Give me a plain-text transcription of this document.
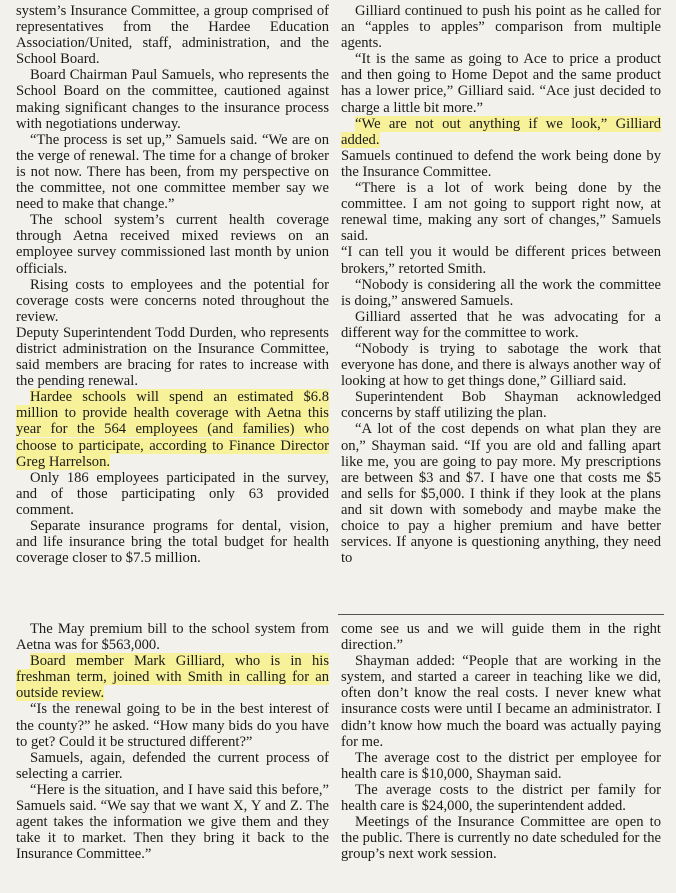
system’s Insurance Committee, a group comprised of representatives from the Hardee Education Association/United, staff, administration, and the School Board.

Board Chairman Paul Samuels, who represents the School Board on the committee, cautioned against making significant changes to the insurance process with negotiations underway.

“The process is set up,” Samuels said. “We are on the verge of renewal. The time for a change of broker is not now. There has been, from my perspective on the committee, not one committee member say we need to make that change.”

The school system’s current health coverage through Aetna received mixed reviews on an employee survey commissioned last month by union officials.

Rising costs to employees and the potential for coverage costs were concerns noted throughout the review.

Deputy Superintendent Todd Durden, who represents district administration on the Insurance Committee, said members are bracing for rates to increase with the pending renewal.

Hardee schools will spend an estimated $6.8 million to provide health coverage with Aetna this year for the 564 employees (and families) who choose to participate, according to Finance Director Greg Harrelson.

Only 186 employees participated in the survey, and of those participating only 63 provided comment.

Separate insurance programs for dental, vision, and life insurance bring the total budget for health coverage closer to $7.5 million.

Gilliard continued to push his point as he called for an “apples to apples” comparison from multiple agents.

“It is the same as going to Ace to price a product and then going to Home Depot and the same product has a lower price,” Gilliard said. “Ace just decided to charge a little bit more.”

“We are not out anything if we look,” Gilliard added.

Samuels continued to defend the work being done by the Insurance Committee.

“There is a lot of work being done by the committee. I am not going to support right now, at renewal time, making any sort of changes,” Samuels said.

“I can tell you it would be different prices between brokers,” retorted Smith.

“Nobody is considering all the work the committee is doing,” answered Samuels.

Gilliard asserted that he was advocating for a different way for the committee to work.

“Nobody is trying to sabotage the work that everyone has done, and there is always another way of looking at how to get things done,” Gilliard said.

Superintendent Bob Shayman acknowledged concerns by staff utilizing the plan.

“A lot of the cost depends on what plan they are on,” Shayman said. “If you are old and falling apart like me, you are going to pay more. My prescriptions are between $3 and $7. I have one that costs me $5 and sells for $5,000. I think if they look at the plans and sit down with somebody and maybe make the choice to pay a higher premium and have better services. If anyone is questioning anything, they need to

The May premium bill to the school system from Aetna was for $563,000.

Board member Mark Gilliard, who is in his freshman term, joined with Smith in calling for an outside review.

“Is the renewal going to be in the best interest of the county?” he asked. “How many bids do you have to get? Could it be structured different?”

Samuels, again, defended the current process of selecting a carrier.

“Here is the situation, and I have said this before,” Samuels said. “We say that we want X, Y and Z. The agent takes the information we give them and they take it to market. Then they bring it back to the Insurance Committee.”

come see us and we will guide them in the right direction.”

Shayman added: “People that are working in the system, and started a career in teaching like we did, often don’t know the real costs. I never knew what insurance costs were until I became an administrator. I didn’t know how much the board was actually paying for me.

The average cost to the district per employee for health care is $10,000, Shayman said.

The average costs to the district per family for health care is $24,000, the superintendent added.

Meetings of the Insurance Committee are open to the public. There is currently no date scheduled for the group’s next work session.
